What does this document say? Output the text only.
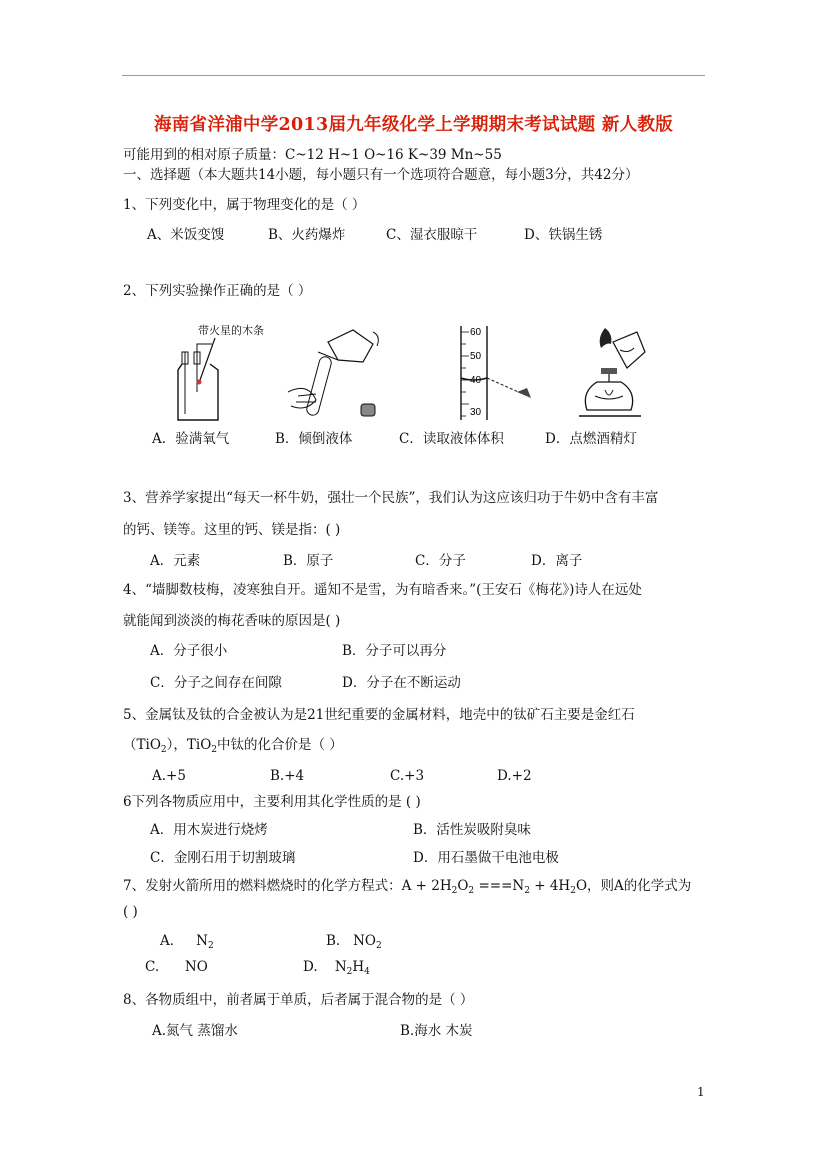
海南省洋浦中学2013届九年级化学上学期期末考试试题 新人教版
可能用到的相对原子质量：C~12 H~1 O~16 K~39 Mn~55
一、选择题（本大题共14小题，每小题只有一个选项符合题意，每小题3分，共42分）
1、下列变化中，属于物理变化的是（ ）
A、米饭变馊	B、火药爆炸	C、湿衣服晾干	D、铁锅生锈
2、下列实验操作正确的是（ ）
带火星的木条	60
50
40
30
A．验满氧气	B．倾倒液体	C．读取液体体积	D．点燃酒精灯
3、营养学家提出“每天一杯牛奶，强壮一个民族”，我们认为这应该归功于牛奶中含有丰富
的钙、镁等。这里的钙、镁是指：( )
A．元素	B．原子	C．分子	D．离子
4、“墙脚数枝梅，凌寒独自开。遥知不是雪，为有暗香来。”(王安石《梅花》)诗人在远处
就能闻到淡淡的梅花香味的原因是( )
A．分子很小	B．分子可以再分
C．分子之间存在间隙	D．分子在不断运动
5、金属钛及钛的合金被认为是21世纪重要的金属材料，地壳中的钛矿石主要是金红石
（TiO$_2$），TiO$_2$中钛的化合价是（ ）
A.+5	B.+4	C.+3	D.+2
6下列各物质应用中，主要利用其化学性质的是 ( )
A．用木炭进行烧烤	B．活性炭吸附臭味
C．金刚石用于切割玻璃	D．用石墨做干电池电极
7、发射火箭所用的燃料燃烧时的化学方程式：$A + 2H_2O_2 ===N_2 + 4H_2O$，则A的化学式为
( )
A． $N_2$	B. $NO_2$
C. NO	D. $N_2H_4$
8、各物质组中，前者属于单质，后者属于混合物的是（ ）
A.氮气 蒸馏水	B.海水 木炭
1
